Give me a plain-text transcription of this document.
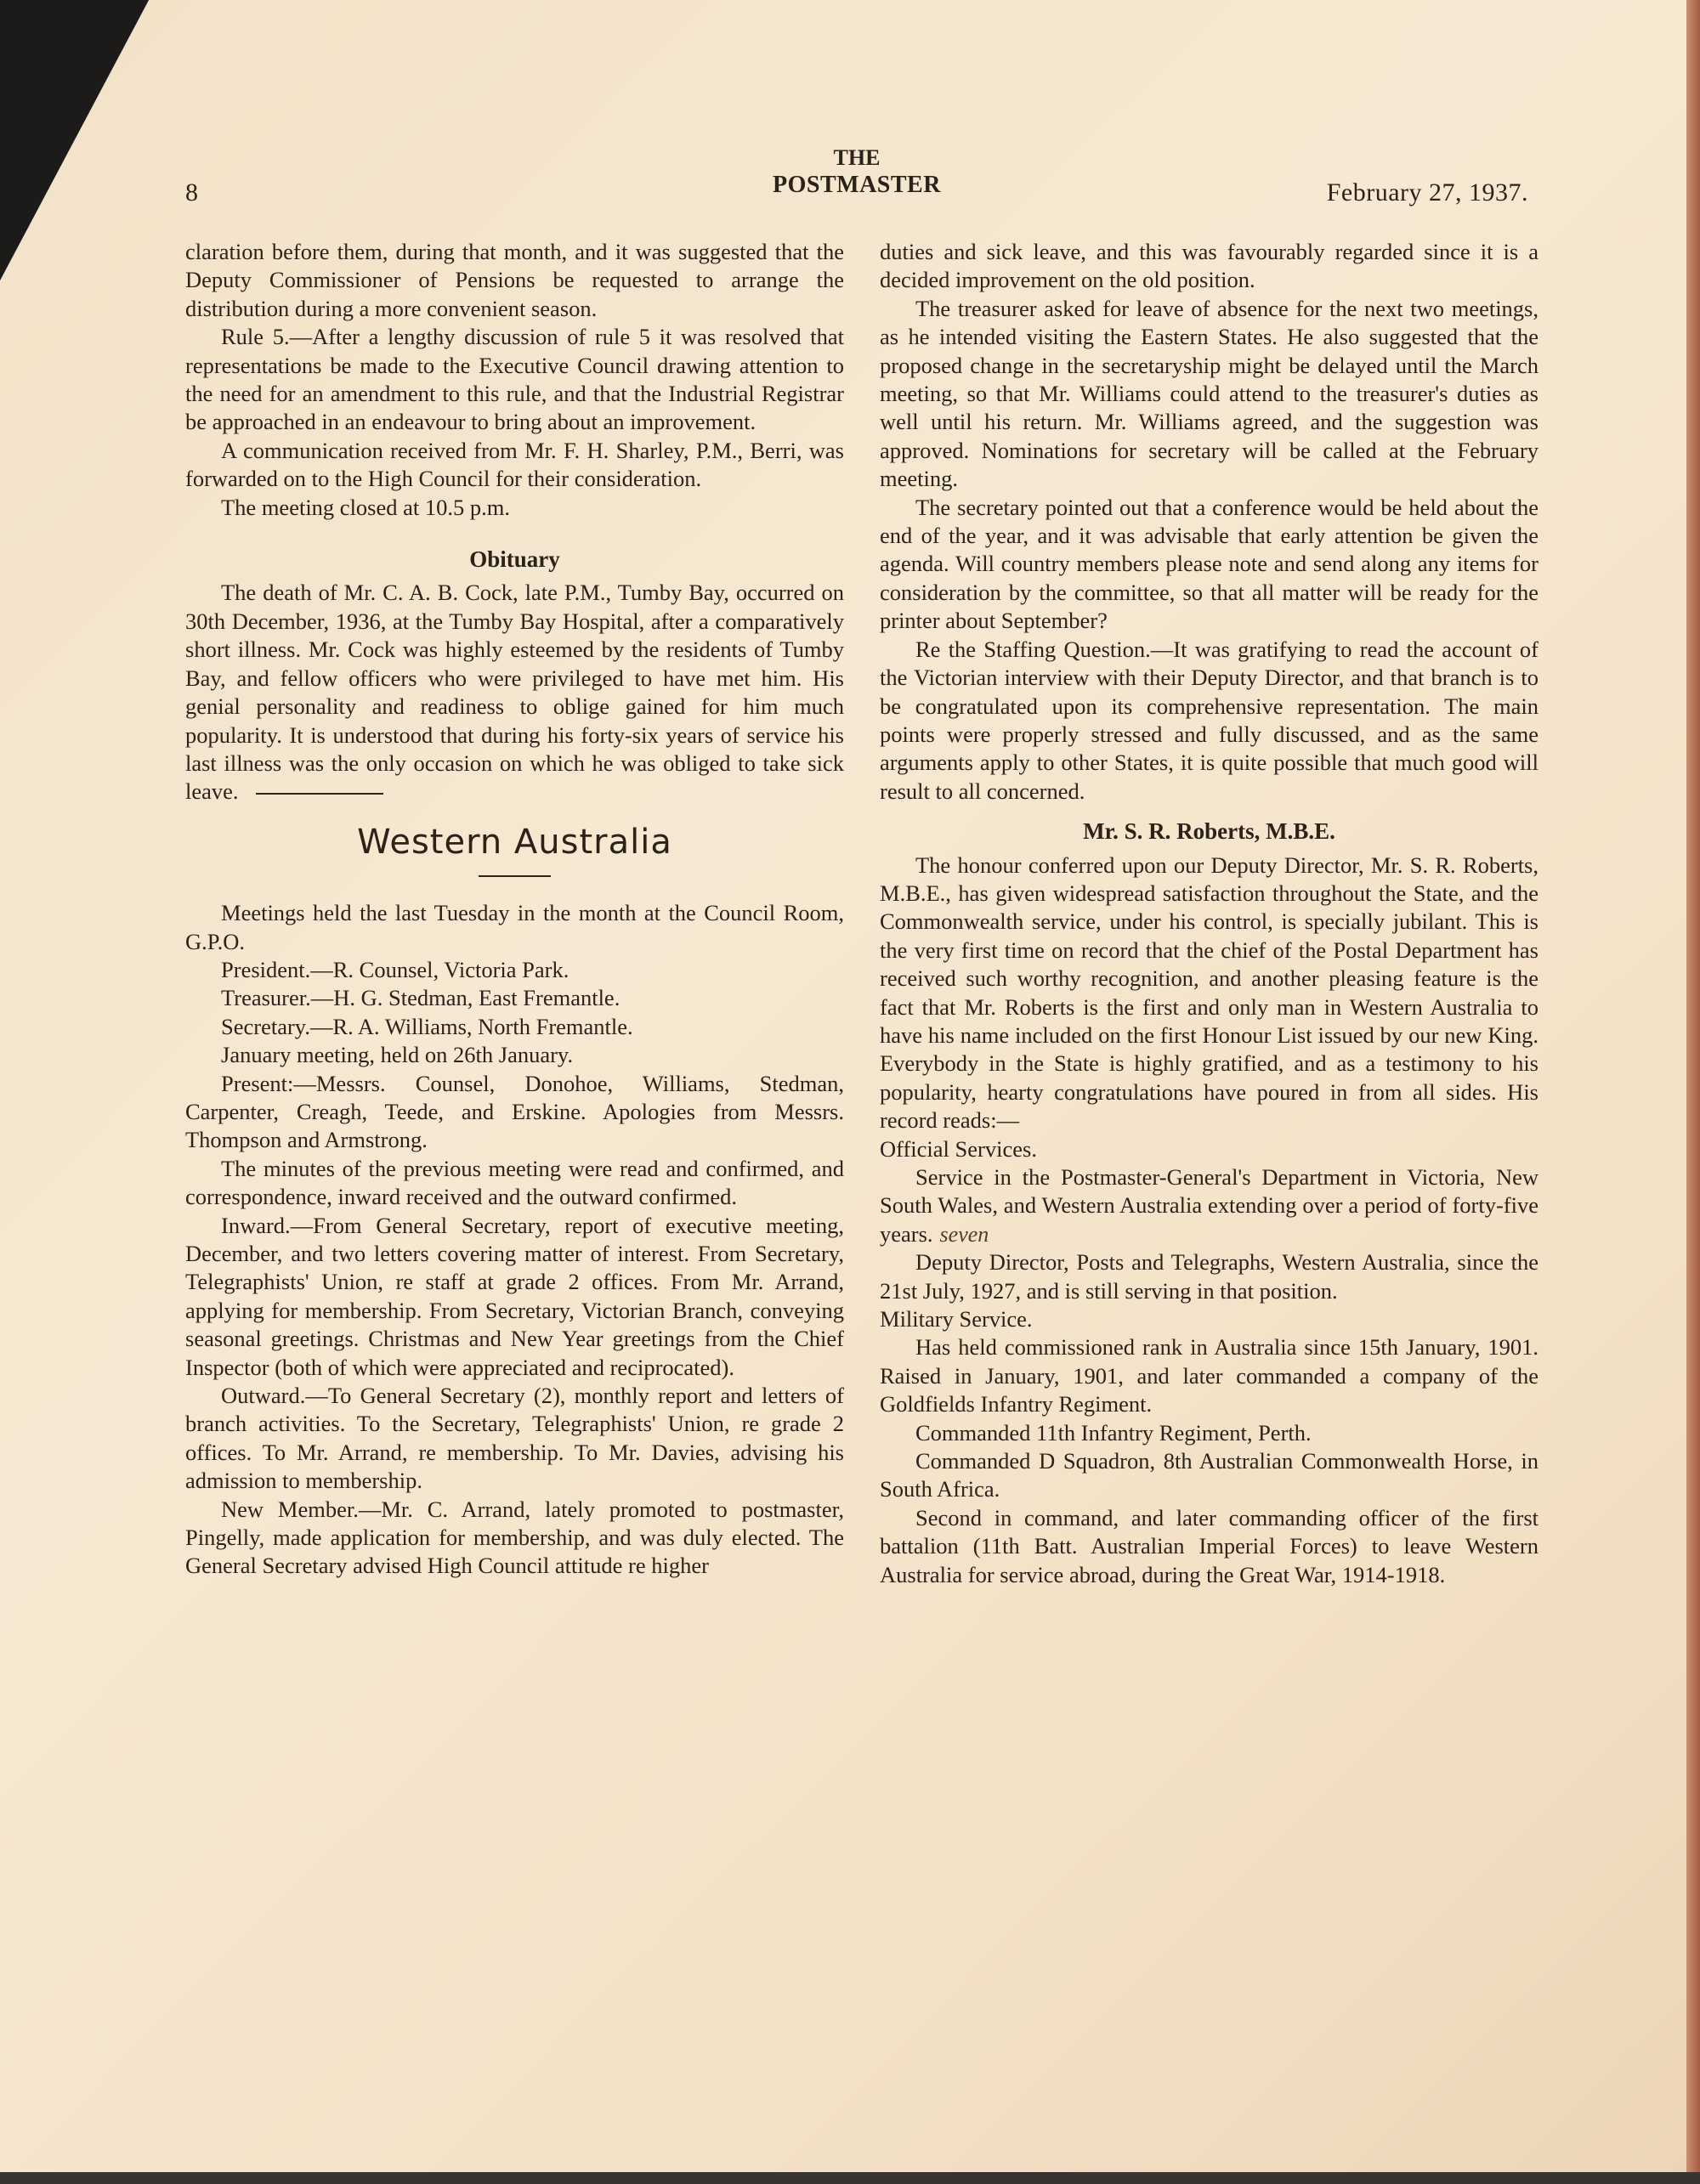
8
THE
POSTMASTER	February 27, 1937.

claration before them, during that month, and it was suggested that the Deputy Commissioner of Pensions be requested to arrange the distribution during a more convenient season.

Rule 5.—After a lengthy discussion of rule 5 it was resolved that representations be made to the Executive Council drawing attention to the need for an amendment to this rule, and that the Industrial Registrar be approached in an endeavour to bring about an improvement.

A communication received from Mr. F. H. Sharley, P.M., Berri, was forwarded on to the High Council for their consideration.

The meeting closed at 10.5 p.m.

Obituary

The death of Mr. C. A. B. Cock, late P.M., Tumby Bay, occurred on 30th December, 1936, at the Tumby Bay Hospital, after a comparatively short illness. Mr. Cock was highly esteemed by the residents of Tumby Bay, and fellow officers who were privileged to have met him. His genial personality and readiness to oblige gained for him much popularity. It is understood that during his forty-six years of service his last illness was the only occasion on which he was obliged to take sick leave.

Western Australia

Meetings held the last Tuesday in the month at the Council Room, G.P.O.

President.—R. Counsel, Victoria Park.

Treasurer.—H. G. Stedman, East Fremantle.

Secretary.—R. A. Williams, North Fremantle.

January meeting, held on 26th January.

Present:—Messrs. Counsel, Donohoe, Williams, Stedman, Carpenter, Creagh, Teede, and Erskine. Apologies from Messrs. Thompson and Armstrong.

The minutes of the previous meeting were read and confirmed, and correspondence, inward received and the outward confirmed.

Inward.—From General Secretary, report of executive meeting, December, and two letters covering matter of interest. From Secretary, Telegraphists' Union, re staff at grade 2 offices. From Mr. Arrand, applying for membership. From Secretary, Victorian Branch, conveying seasonal greetings. Christmas and New Year greetings from the Chief Inspector (both of which were appreciated and reciprocated).

Outward.—To General Secretary (2), monthly report and letters of branch activities. To the Secretary, Telegraphists' Union, re grade 2 offices. To Mr. Arrand, re membership. To Mr. Davies, advising his admission to membership.

New Member.—Mr. C. Arrand, lately promoted to postmaster, Pingelly, made application for membership, and was duly elected. The General Secretary advised High Council attitude re higher

duties and sick leave, and this was favourably regarded since it is a decided improvement on the old position.

The treasurer asked for leave of absence for the next two meetings, as he intended visiting the Eastern States. He also suggested that the proposed change in the secretaryship might be delayed until the March meeting, so that Mr. Williams could attend to the treasurer's duties as well until his return. Mr. Williams agreed, and the suggestion was approved. Nominations for secretary will be called at the February meeting.

The secretary pointed out that a conference would be held about the end of the year, and it was advisable that early attention be given the agenda. Will country members please note and send along any items for consideration by the committee, so that all matter will be ready for the printer about September?

Re the Staffing Question.—It was gratifying to read the account of the Victorian interview with their Deputy Director, and that branch is to be congratulated upon its comprehensive representation. The main points were properly stressed and fully discussed, and as the same arguments apply to other States, it is quite possible that much good will result to all concerned.

Mr. S. R. Roberts, M.B.E.

The honour conferred upon our Deputy Director, Mr. S. R. Roberts, M.B.E., has given widespread satisfaction throughout the State, and the Commonwealth service, under his control, is specially jubilant. This is the very first time on record that the chief of the Postal Department has received such worthy recognition, and another pleasing feature is the fact that Mr. Roberts is the first and only man in Western Australia to have his name included on the first Honour List issued by our new King. Everybody in the State is highly gratified, and as a testimony to his popularity, hearty congratulations have poured in from all sides. His record reads:—

Official Services.

Service in the Postmaster-General's Department in Victoria, New South Wales, and Western Australia extending over a period of forty-five years. seven

Deputy Director, Posts and Telegraphs, Western Australia, since the 21st July, 1927, and is still serving in that position.

Military Service.

Has held commissioned rank in Australia since 15th January, 1901. Raised in January, 1901, and later commanded a company of the Goldfields Infantry Regiment.

Commanded 11th Infantry Regiment, Perth.

Commanded D Squadron, 8th Australian Commonwealth Horse, in South Africa.

Second in command, and later commanding officer of the first battalion (11th Batt. Australian Imperial Forces) to leave Western Australia for service abroad, during the Great War, 1914-1918.
